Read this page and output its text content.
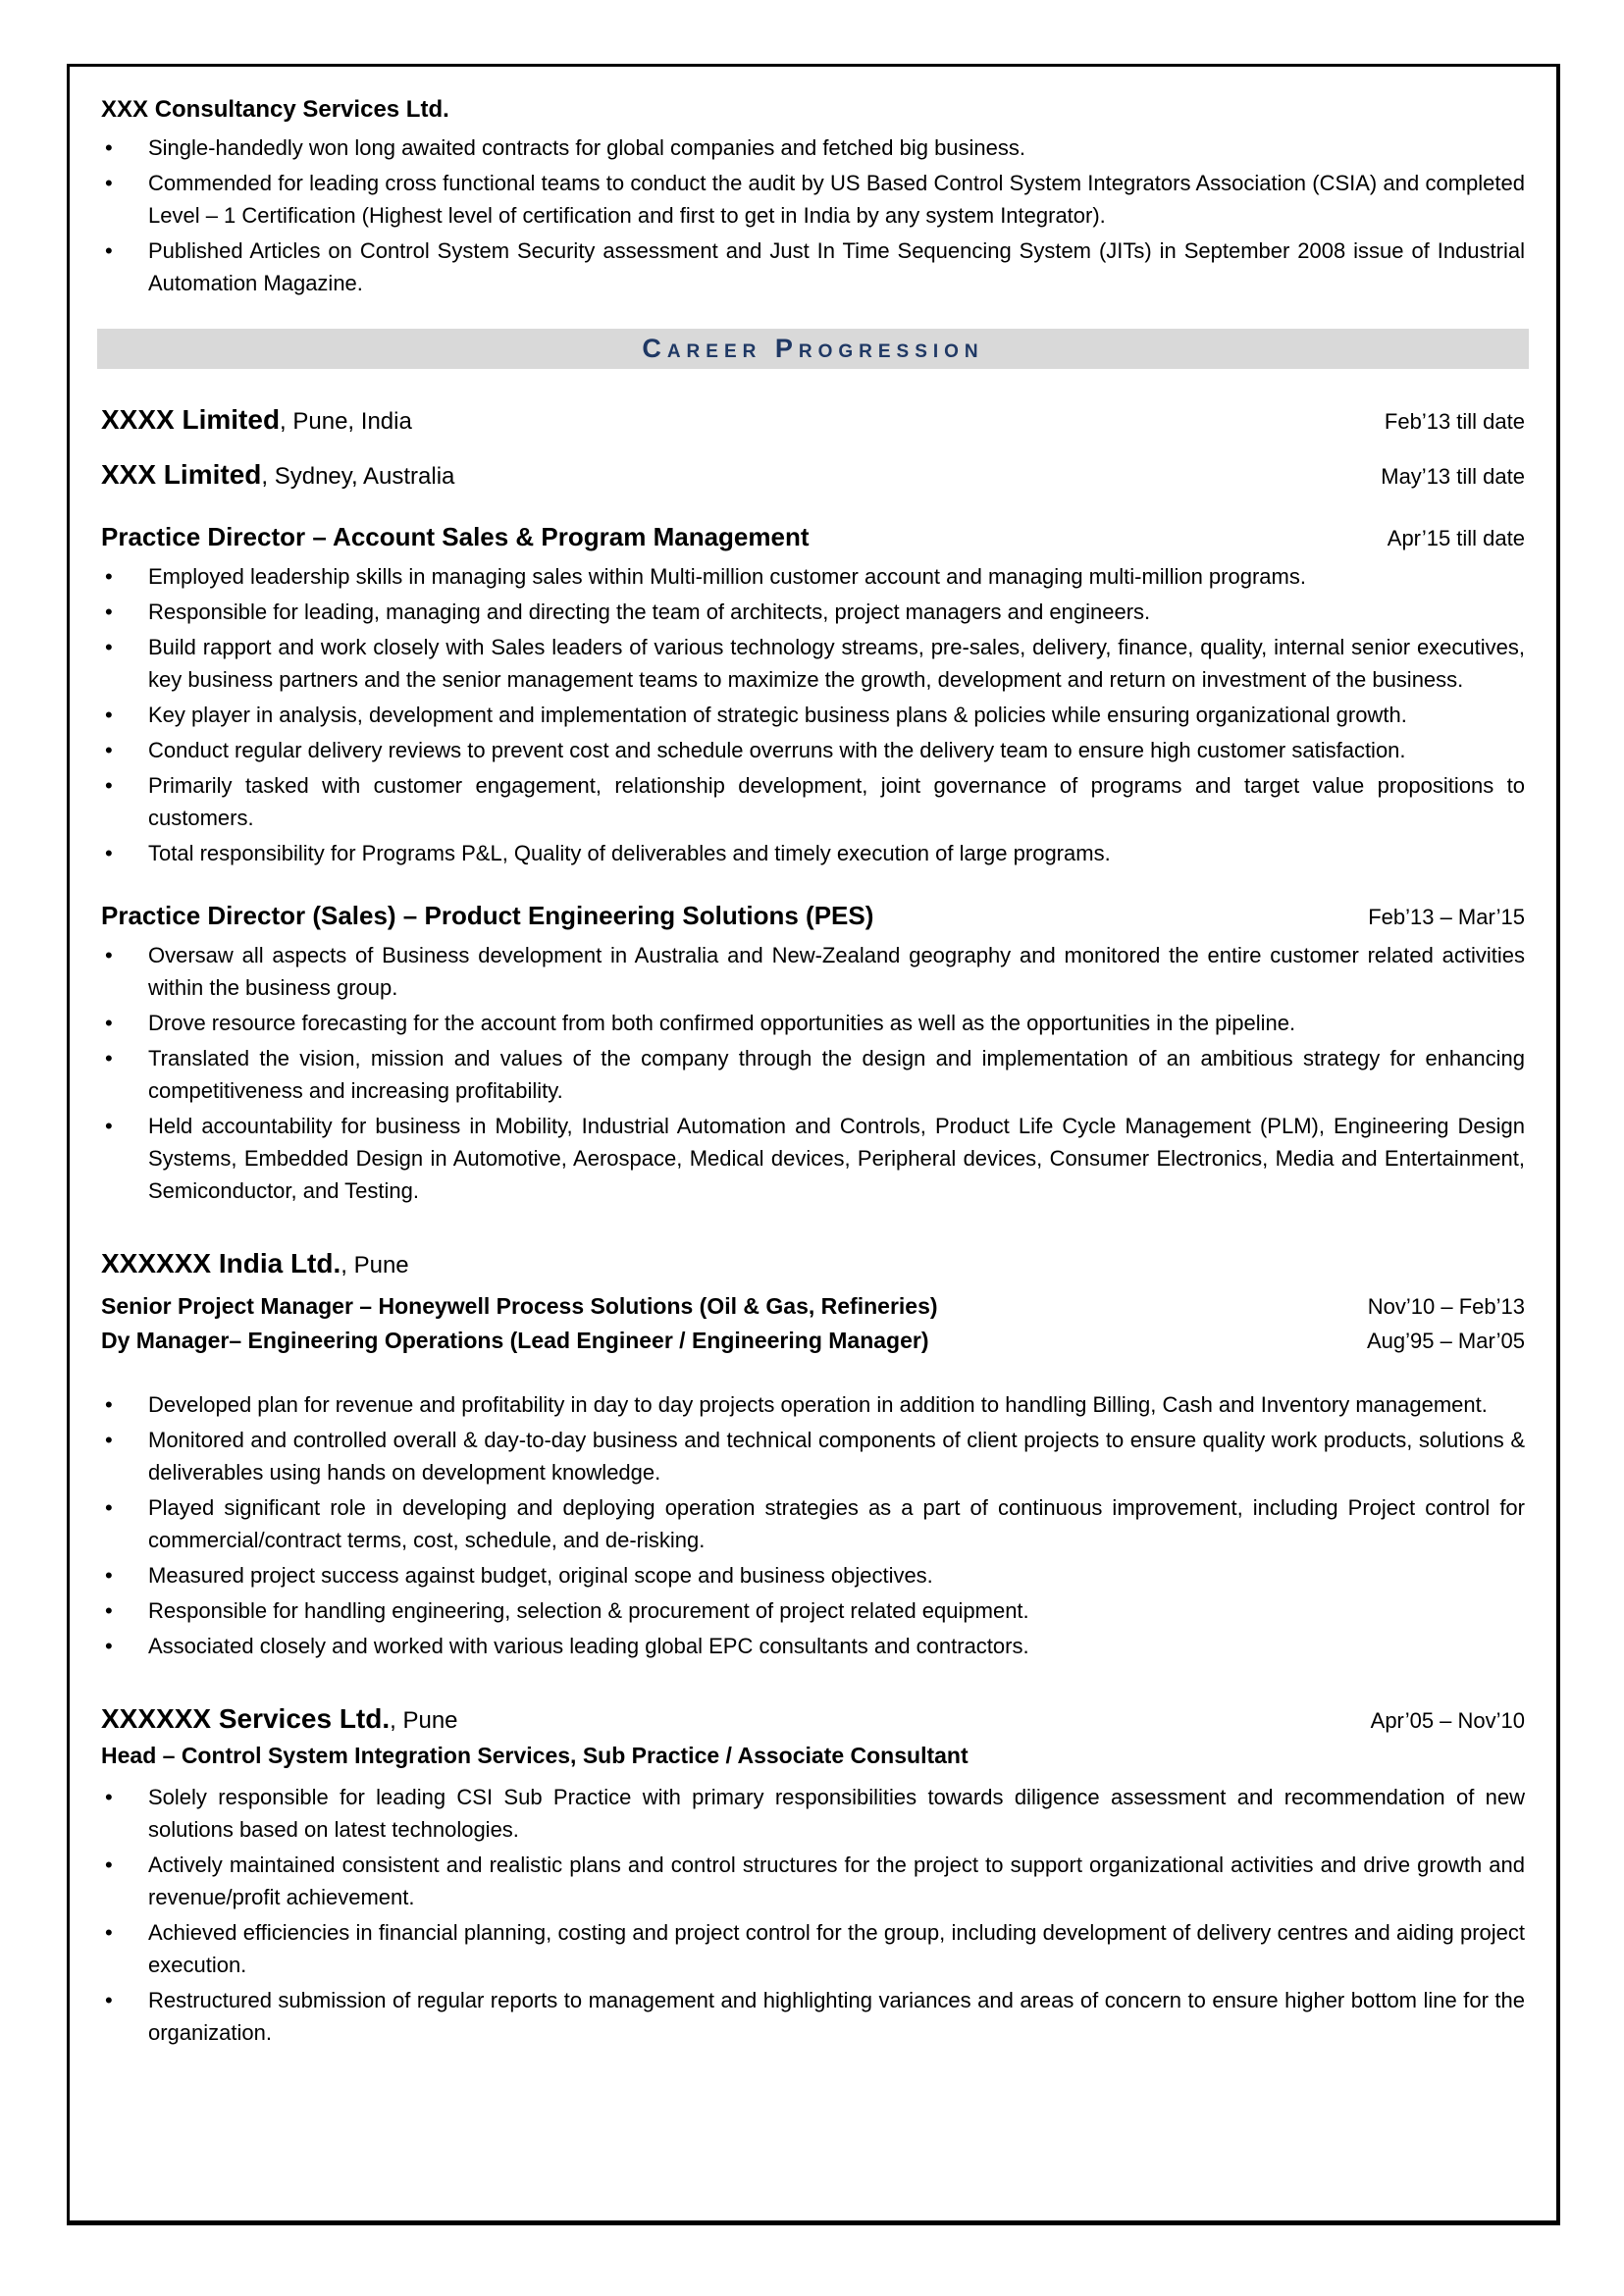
XXX Consultancy Services Ltd.
• Single-handedly won long awaited contracts for global companies and fetched big business.
• Commended for leading cross functional teams to conduct the audit by US Based Control System Integrators Association (CSIA) and completed Level – 1 Certification (Highest level of certification and first to get in India by any system Integrator).
• Published Articles on Control System Security assessment and Just In Time Sequencing System (JITs) in September 2008 issue of Industrial Automation Magazine.
Career Progression
XXXX Limited, Pune, India	Feb’13 till date
XXX Limited, Sydney, Australia	May’13 till date
Practice Director – Account Sales & Program Management	Apr’15 till date
• Employed leadership skills in managing sales within Multi-million customer account and managing multi-million programs.
• Responsible for leading, managing and directing the team of architects, project managers and engineers.
• Build rapport and work closely with Sales leaders of various technology streams, pre-sales, delivery, finance, quality, internal senior executives, key business partners and the senior management teams to maximize the growth, development and return on investment of the business.
• Key player in analysis, development and implementation of strategic business plans & policies while ensuring organizational growth.
• Conduct regular delivery reviews to prevent cost and schedule overruns with the delivery team to ensure high customer satisfaction.
• Primarily tasked with customer engagement, relationship development, joint governance of programs and target value propositions to customers.
• Total responsibility for Programs P&L, Quality of deliverables and timely execution of large programs.
Practice Director (Sales) – Product Engineering Solutions (PES)	Feb’13 – Mar’15
• Oversaw all aspects of Business development in Australia and New-Zealand geography and monitored the entire customer related activities within the business group.
• Drove resource forecasting for the account from both confirmed opportunities as well as the opportunities in the pipeline.
• Translated the vision, mission and values of the company through the design and implementation of an ambitious strategy for enhancing competitiveness and increasing profitability.
• Held accountability for business in Mobility, Industrial Automation and Controls, Product Life Cycle Management (PLM), Engineering Design Systems, Embedded Design in Automotive, Aerospace, Medical devices, Peripheral devices, Consumer Electronics, Media and Entertainment, Semiconductor, and Testing.
XXXXXX India Ltd., Pune
Senior Project Manager – Honeywell Process Solutions (Oil & Gas, Refineries)	Nov’10 – Feb’13
Dy Manager– Engineering Operations (Lead Engineer / Engineering Manager)	Aug’95 – Mar’05
• Developed plan for revenue and profitability in day to day projects operation in addition to handling Billing, Cash and Inventory management.
• Monitored and controlled overall & day-to-day business and technical components of client projects to ensure quality work products, solutions & deliverables using hands on development knowledge.
• Played significant role in developing and deploying operation strategies as a part of continuous improvement, including Project control for commercial/contract terms, cost, schedule, and de-risking.
• Measured project success against budget, original scope and business objectives.
• Responsible for handling engineering, selection & procurement of project related equipment.
• Associated closely and worked with various leading global EPC consultants and contractors.
XXXXXX Services Ltd., Pune	Apr’05 – Nov’10
Head – Control System Integration Services, Sub Practice / Associate Consultant
• Solely responsible for leading CSI Sub Practice with primary responsibilities towards diligence assessment and recommendation of new solutions based on latest technologies.
• Actively maintained consistent and realistic plans and control structures for the project to support organizational activities and drive growth and revenue/profit achievement.
• Achieved efficiencies in financial planning, costing and project control for the group, including development of delivery centres and aiding project execution.
• Restructured submission of regular reports to management and highlighting variances and areas of concern to ensure higher bottom line for the organization.
